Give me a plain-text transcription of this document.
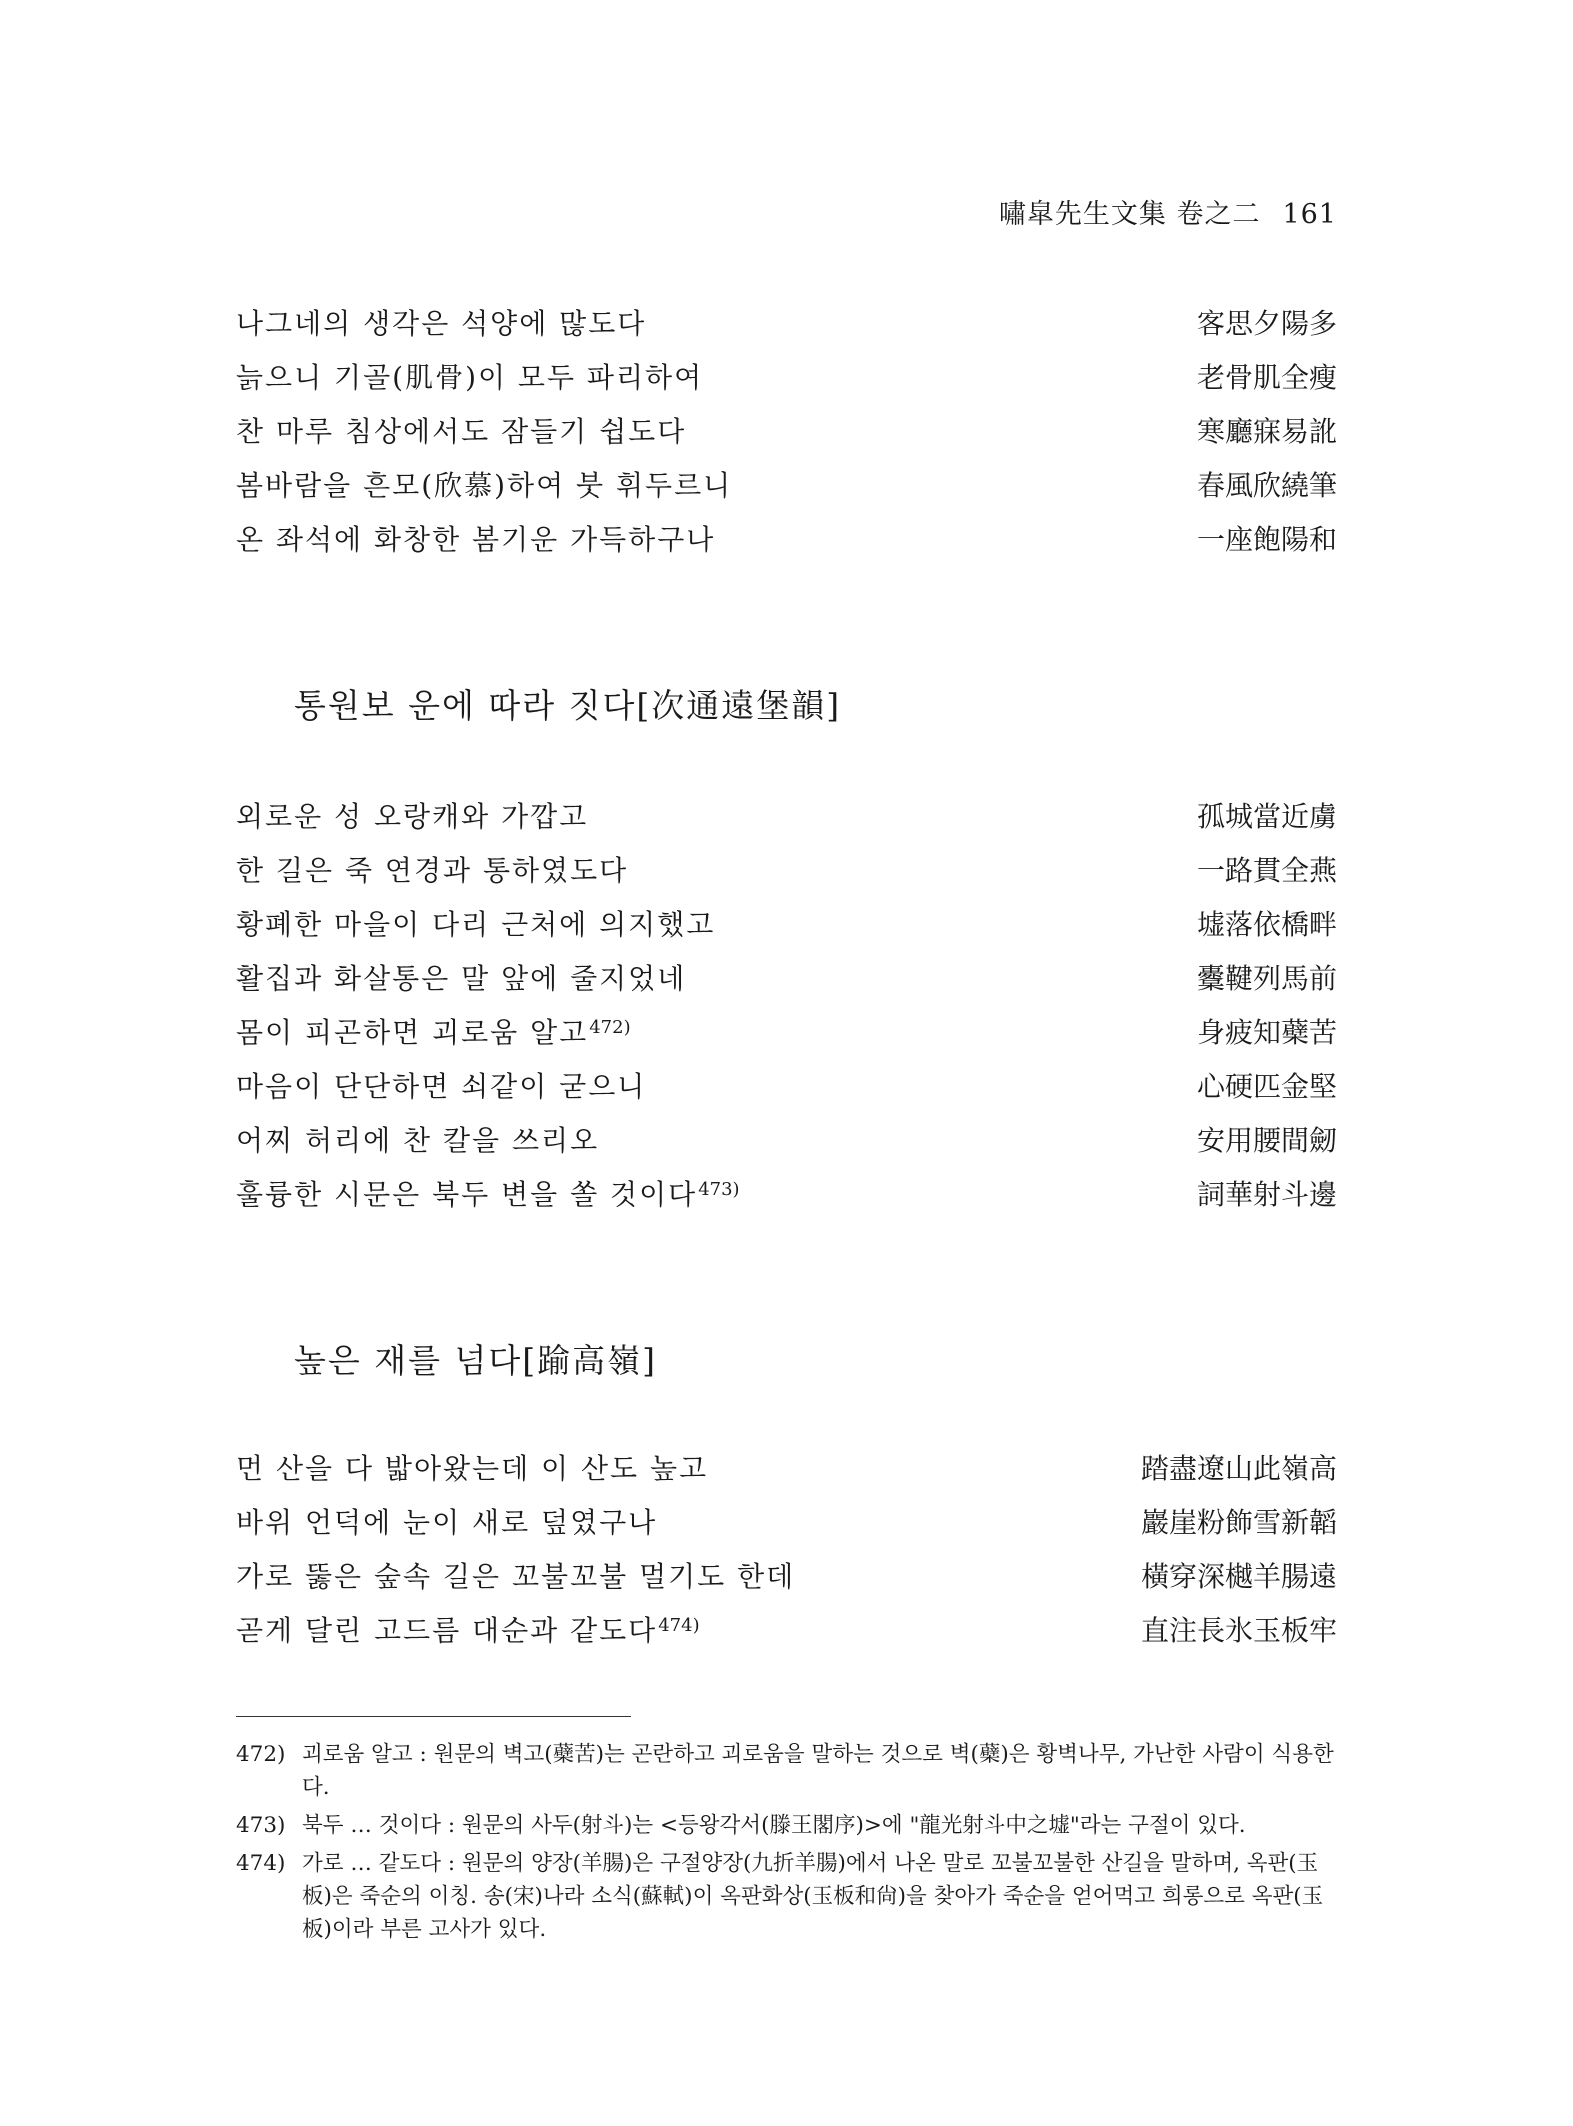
嘯皐先生文集 卷之二 161
나그네의 생각은 석양에 많도다	客思夕陽多
늙으니 기골(肌骨)이 모두 파리하여	老骨肌全瘦
찬 마루 침상에서도 잠들기 쉽도다	寒廳寐易訛
봄바람을 흔모(欣慕)하여 붓 휘두르니	春風欣繞筆
온 좌석에 화창한 봄기운 가득하구나	一座飽陽和
통원보 운에 따라 짓다[次通遠堡韻]
외로운 성 오랑캐와 가깝고	孤城當近虜
한 길은 죽 연경과 통하였도다	一路貫全燕
황폐한 마을이 다리 근처에 의지했고	墟落依橋畔
활집과 화살통은 말 앞에 줄지었네	櫜鞬列馬前
몸이 피곤하면 괴로움 알고$^{472)}$	身疲知蘗苦
마음이 단단하면 쇠같이 굳으니	心硬匹金堅
어찌 허리에 찬 칼을 쓰리오	安用腰間劒
훌륭한 시문은 북두 변을 쏠 것이다$^{473)}$	詞華射斗邊
높은 재를 넘다[踰高嶺]
먼 산을 다 밟아왔는데 이 산도 높고	踏盡遼山此嶺高
바위 언덕에 눈이 새로 덮였구나	巖崖粉飾雪新韜
가로 뚫은 숲속 길은 꼬불꼬불 멀기도 한데	橫穿深樾羊腸遠
곧게 달린 고드름 대순과 같도다$^{474)}$	直注長氷玉板牢
472) 괴로움 알고 : 원문의 벽고(蘗苦)는 곤란하고 괴로움을 말하는 것으로 벽(蘗)은 황벽나무, 가난한 사람이 식용한다.
473) 북두 … 것이다 : 원문의 사두(射斗)는 <등왕각서(滕王閣序)>에 "龍光射斗中之墟"라는 구절이 있다.
474) 가로 … 같도다 : 원문의 양장(羊腸)은 구절양장(九折羊腸)에서 나온 말로 꼬불꼬불한 산길을 말하며, 옥판(玉板)은 죽순의 이칭. 송(宋)나라 소식(蘇軾)이 옥판화상(玉板和尙)을 찾아가 죽순을 얻어먹고 희롱으로 옥판(玉板)이라 부른 고사가 있다.
